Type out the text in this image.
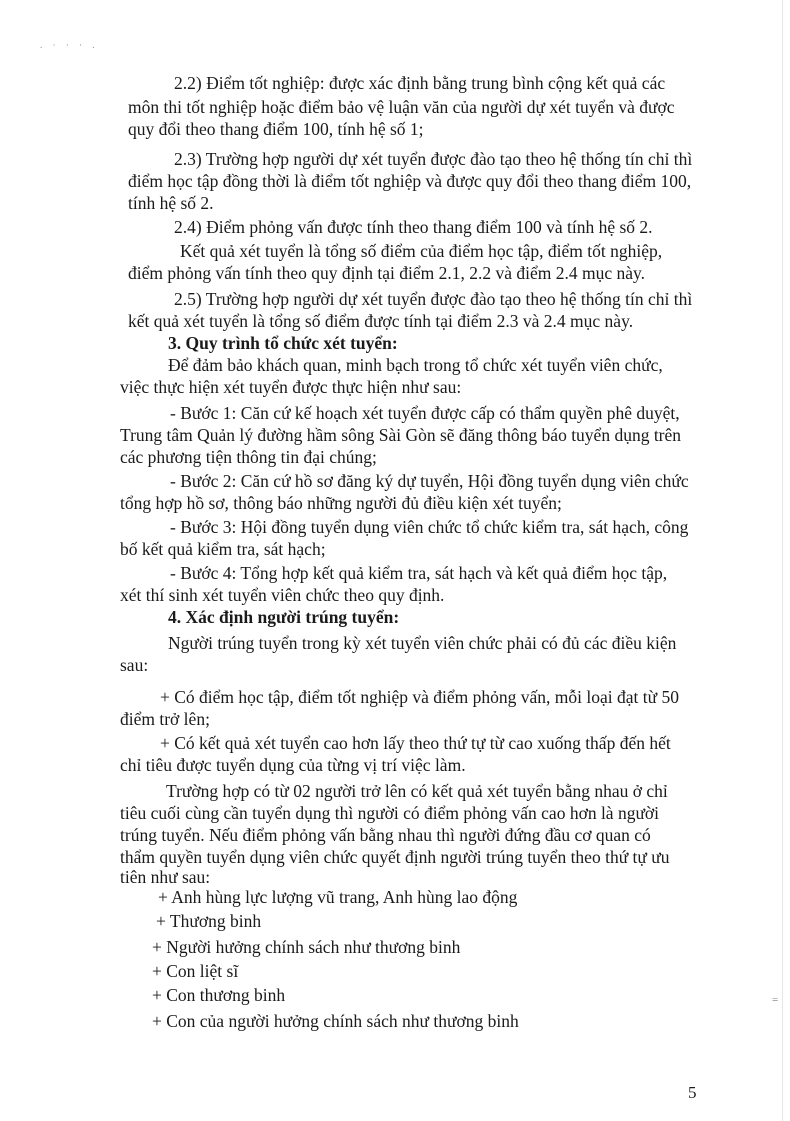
. · · · .
=
2.2) Điểm tốt nghiệp: được xác định bằng trung bình cộng kết quả các
môn thi tốt nghiệp hoặc điểm bảo vệ luận văn của người dự xét tuyển và được
quy đổi theo thang điểm 100, tính hệ số 1;
2.3) Trường hợp người dự xét tuyển được đào tạo theo hệ thống tín chỉ thì
điểm học tập đồng thời là điểm tốt nghiệp và được quy đổi theo thang điểm 100,
tính hệ số 2.
2.4) Điểm phỏng vấn được tính theo thang điểm 100 và tính hệ số 2.
Kết quả xét tuyển là tổng số điểm của điểm học tập, điểm tốt nghiệp,
điểm phỏng vấn tính theo quy định tại điểm 2.1, 2.2 và điểm 2.4 mục này.
2.5) Trường hợp người dự xét tuyển được đào tạo theo hệ thống tín chỉ thì
kết quả xét tuyển là tổng số điểm được tính tại điểm 2.3 và 2.4 mục này.
3. Quy trình tổ chức xét tuyển:
Để đảm bảo khách quan, minh bạch trong tổ chức xét tuyển viên chức,
việc thực hiện xét tuyển được thực hiện như sau:
- Bước 1: Căn cứ kế hoạch xét tuyển được cấp có thẩm quyền phê duyệt,
Trung tâm Quản lý đường hầm sông Sài Gòn sẽ đăng thông báo tuyển dụng trên
các phương tiện thông tin đại chúng;
- Bước 2: Căn cứ hồ sơ đăng ký dự tuyển, Hội đồng tuyển dụng viên chức
tổng hợp hồ sơ, thông báo những người đủ điều kiện xét tuyển;
- Bước 3: Hội đồng tuyển dụng viên chức tổ chức kiểm tra, sát hạch, công
bố kết quả kiểm tra, sát hạch;
- Bước 4: Tổng hợp kết quả kiểm tra, sát hạch và kết quả điểm học tập,
xét thí sinh xét tuyển viên chức theo quy định.
4. Xác định người trúng tuyển:
Người trúng tuyển trong kỳ xét tuyển viên chức phải có đủ các điều kiện
sau:
+ Có điểm học tập, điểm tốt nghiệp và điểm phỏng vấn, mỗi loại đạt từ 50
điểm trở lên;
+ Có kết quả xét tuyển cao hơn lấy theo thứ tự từ cao xuống thấp đến hết
chỉ tiêu được tuyển dụng của từng vị trí việc làm.
Trường hợp có từ 02 người trở lên có kết quả xét tuyển bằng nhau ở chỉ
tiêu cuối cùng cần tuyển dụng thì người có điểm phỏng vấn cao hơn là người
trúng tuyển. Nếu điểm phỏng vấn bằng nhau thì người đứng đầu cơ quan có
thẩm quyền tuyển dụng viên chức quyết định người trúng tuyển theo thứ tự ưu
tiên như sau:
+ Anh hùng lực lượng vũ trang, Anh hùng lao động
+ Thương binh
+ Người hưởng chính sách như thương binh
+ Con liệt sĩ
+ Con thương binh
+ Con của người hưởng chính sách như thương binh
5
